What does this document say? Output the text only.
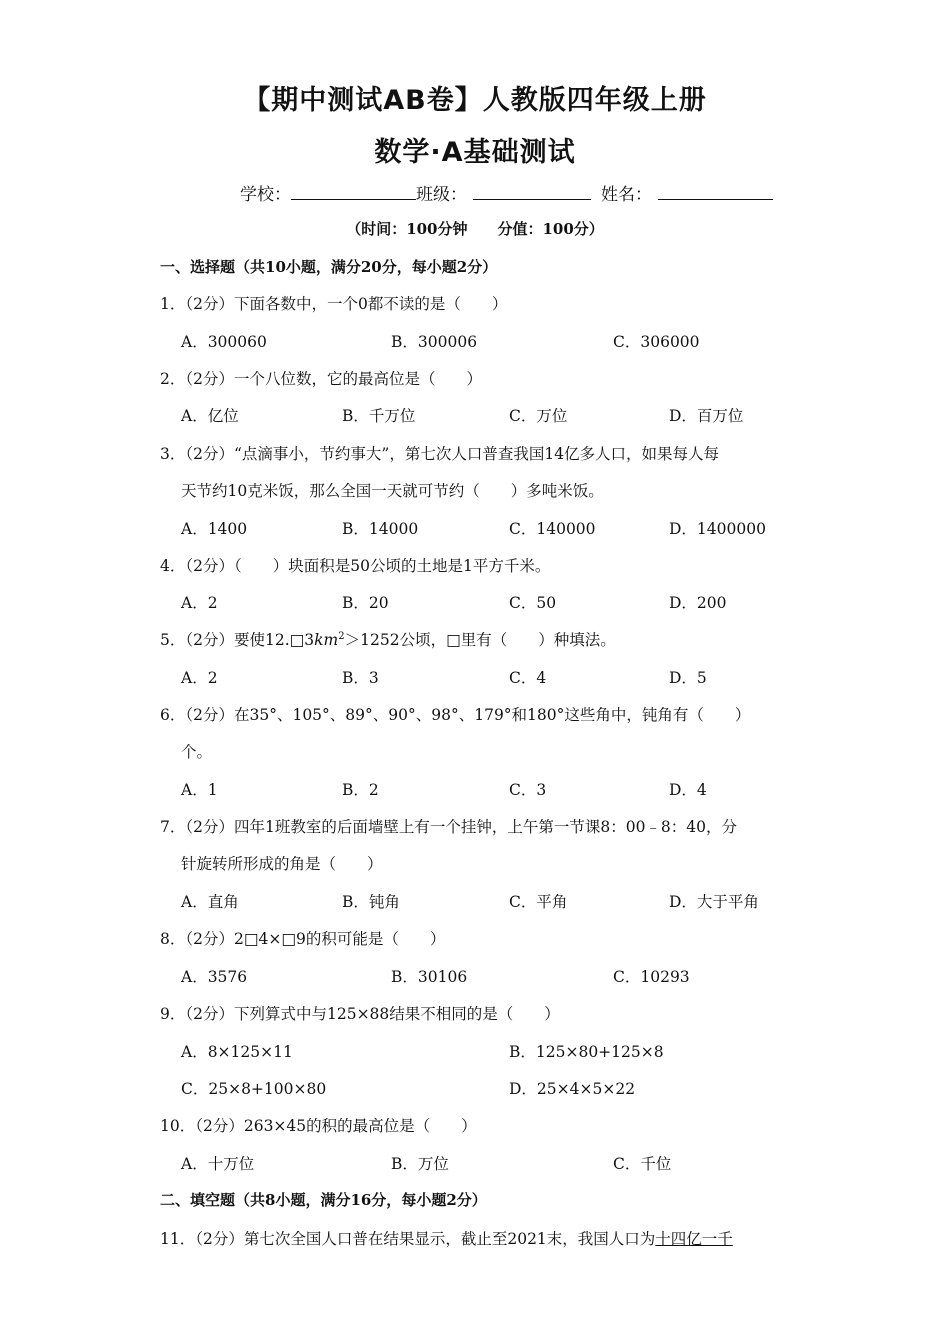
【期中测试AB卷】人教版四年级上册
数学·A基础测试
学校：	班级：	姓名：
（时间：100分钟　　分值：100分）
一、选择题（共10小题，满分20分，每小题2分）
1．（2分）下面各数中，一个0都不读的是（　　）
A．300060	B．300006	C．306000
2．（2分）一个八位数，它的最高位是（　　）
A．亿位	B．千万位	C．万位	D．百万位
3．（2分）“点滴事小，节约事大”，第七次人口普查我国14亿多人口，如果每人每
天节约10克米饭，那么全国一天就可节约（　　）多吨米饭。
A．1400	B．14000	C．140000	D．1400000
4．（2分）（　　）块面积是50公顷的土地是1平方千米。
A．2	B．20	C．50	D．200
5．（2分）要使$12.□3km^2>1252$公顷，□里有（　　）种填法。
A．2	B．3	C．4	D．5
6．（2分）在35°、105°、89°、90°、98°、179°和180°这些角中，钝角有（　　）
个。
A．1	B．2	C．3	D．4
7．（2分）四年1班教室的后面墙壁上有一个挂钟，上午第一节课8：00﹣8：40，分
针旋转所形成的角是（　　）
A．直角	B．钝角	C．平角	D．大于平角
8．（2分）2□4×□9的积可能是（　　）
A．3576	B．30106	C．10293
9．（2分）下列算式中与125×88结果不相同的是（　　）
A．8×125×11	B．125×80+125×8
C．25×8+100×80	D．25×4×5×22
10．（2分）263×45的积的最高位是（　　）
A．十万位	B．万位	C．千位
二、填空题（共8小题，满分16分，每小题2分）
11．（2分）第七次全国人口普在结果显示，截止至2021末，我国人口为十四亿一千
